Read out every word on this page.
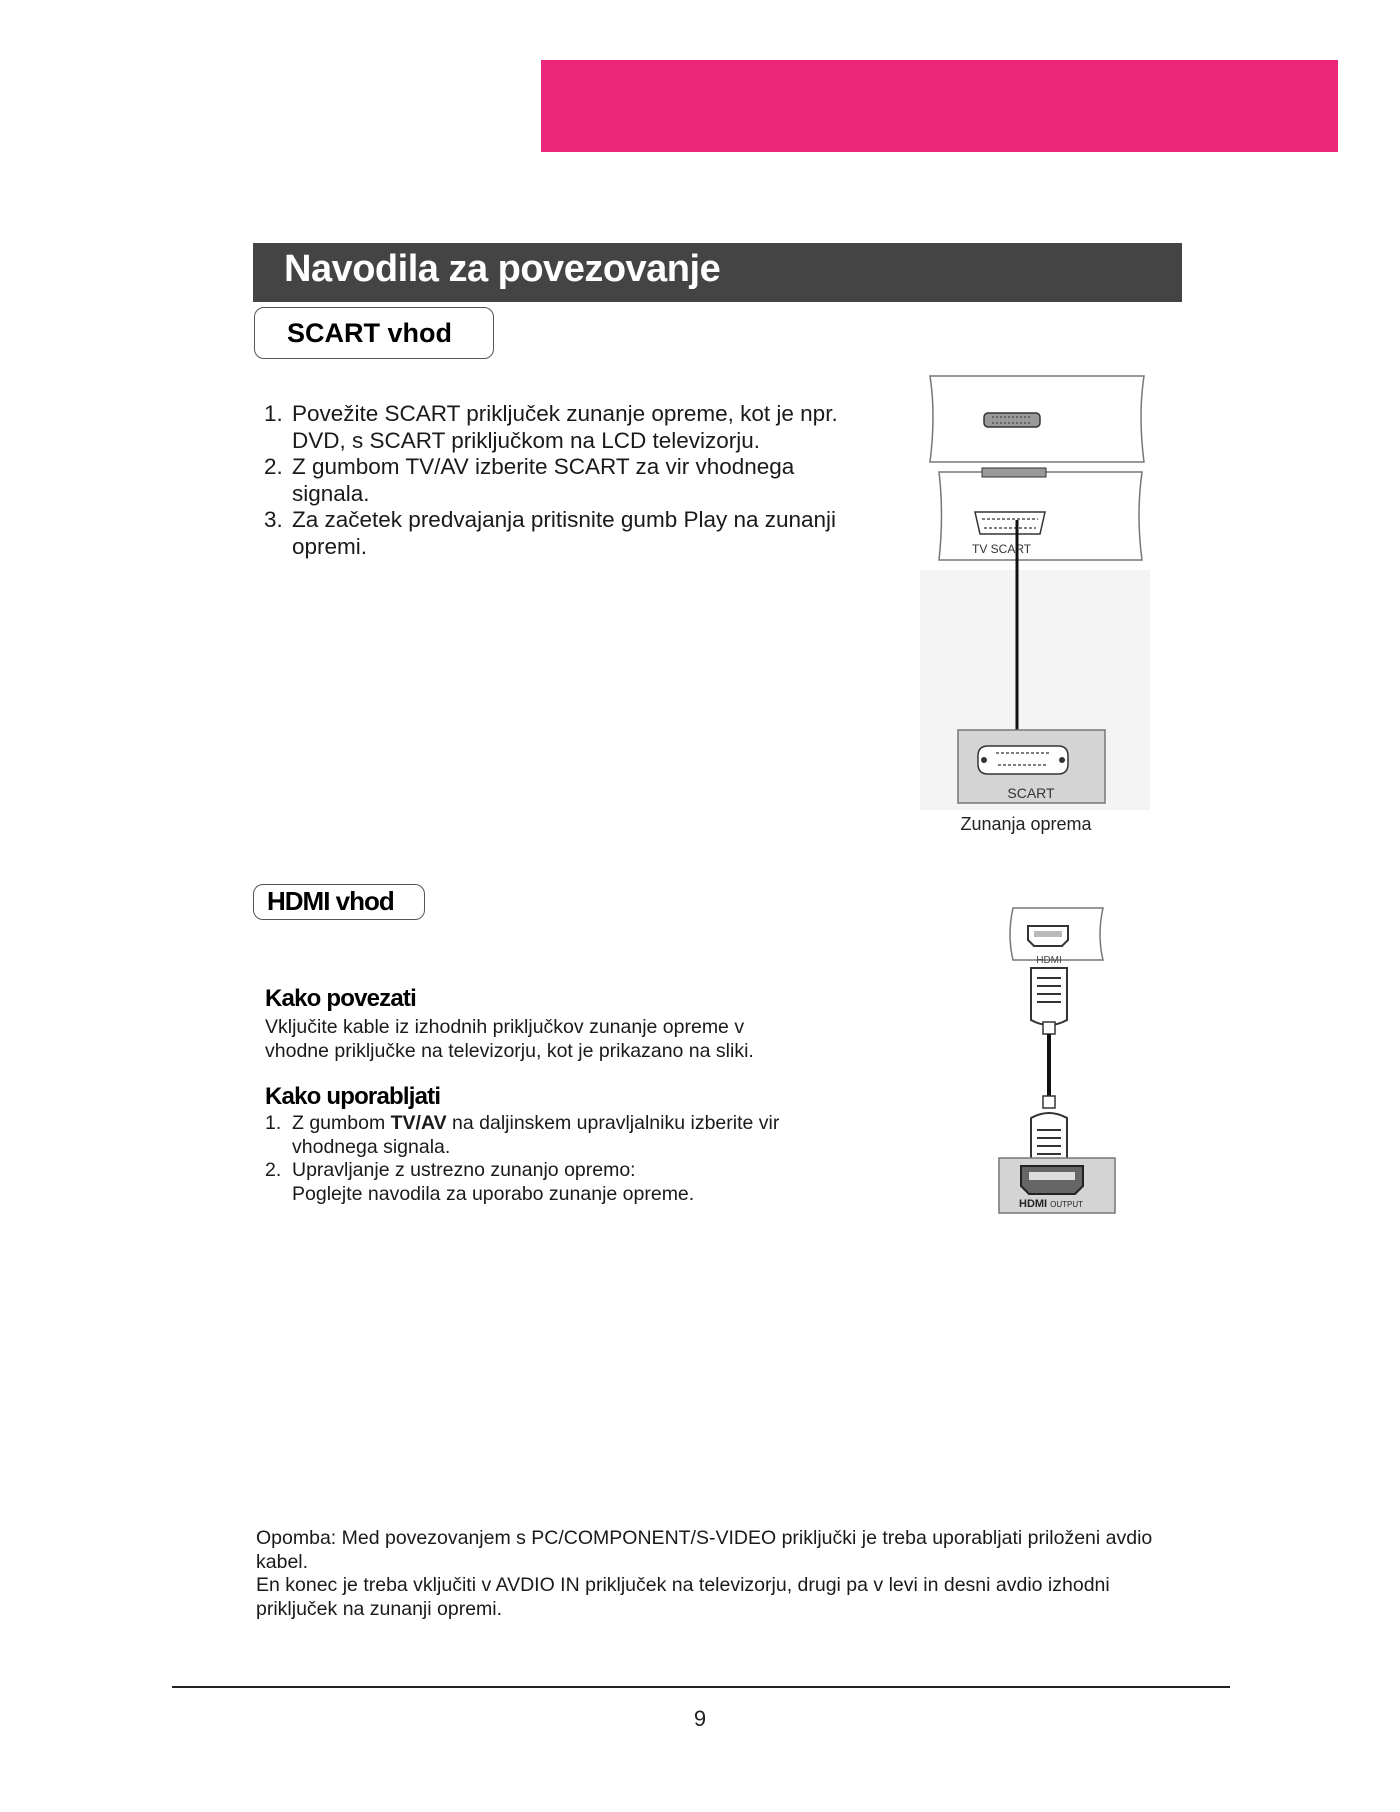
Navodila za povezovanje
SCART vhod
1. Povežite SCART priključek zunanje opreme, kot je npr. DVD, s SCART priključkom na LCD televizorju.
2. Z gumbom TV/AV izberite SCART za vir vhodnega signala.
3. Za začetek predvajanja pritisnite gumb Play na zunanji opremi.	TV SCART
SCART
Zunanja oprema
HDMI vhod
Kako povezati
Vključite kable iz izhodnih priključkov zunanje opreme v vhodne priključke na televizorju, kot je prikazano na sliki.
Kako uporabljati
1. Z gumbom TV/AV na daljinskem upravljalniku izberite vir vhodnega signala.
2. Upravljanje z ustrezno zunanjo opremo:
Poglejte navodila za uporabo zunanje opreme.
HDMI
HDMI OUTPUT
Opomba: Med povezovanjem s PC/COMPONENT/S-VIDEO priključki je treba uporabljati priloženi avdio kabel.
En konec je treba vključiti v AVDIO IN priključek na televizorju, drugi pa v levi in desni avdio izhodni priključek na zunanji opremi.
9
